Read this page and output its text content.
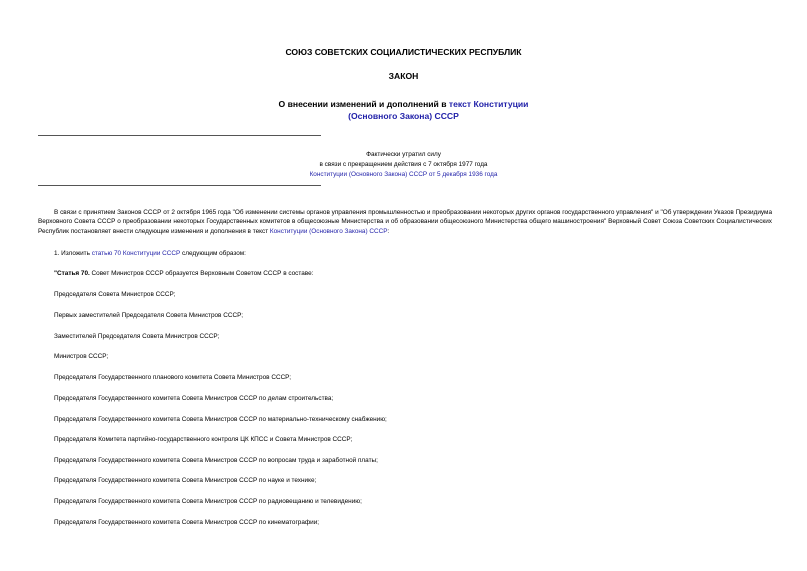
СОЮЗ СОВЕТСКИХ СОЦИАЛИСТИЧЕСКИХ РЕСПУБЛИК
ЗАКОН
О внесении изменений и дополнений в текст Конституции
(Основного Закона) СССР
Фактически утратил силу
в связи с прекращением действия с 7 октября 1977 года
Конституции (Основного Закона) СССР от 5 декабря 1936 года
В связи с принятием Законов СССР от 2 октября 1965 года "Об изменении системы органов управления промышленностью и преобразовании некоторых других органов государственного управления" и "Об утверждении Указов Президиума Верховного Совета СССР о преобразовании некоторых Государственных комитетов в общесоюзные Министерства и об образовании общесоюзного Министерства общего машиностроения" Верховный Совет Союза Советских Социалистических Республик постановляет внести следующие изменения и дополнения в текст Конституции (Основного Закона) СССР:
1. Изложить статью 70 Конституции СССР следующим образом:
"Статья 70. Совет Министров СССР образуется Верховным Советом СССР в составе:
Председателя Совета Министров СССР;
Первых заместителей Председателя Совета Министров СССР;
Заместителей Председателя Совета Министров СССР;
Министров СССР;
Председателя Государственного планового комитета Совета Министров СССР;
Председателя Государственного комитета Совета Министров СССР по делам строительства;
Председателя Государственного комитета Совета Министров СССР по материально-техническому снабжению;
Председателя Комитета партийно-государственного контроля ЦК КПСС и Совета Министров СССР;
Председателя Государственного комитета Совета Министров СССР по вопросам труда и заработной платы;
Председателя Государственного комитета Совета Министров СССР по науке и технике;
Председателя Государственного комитета Совета Министров СССР по радиовещанию и телевидению;
Председателя Государственного комитета Совета Министров СССР по кинематографии;
